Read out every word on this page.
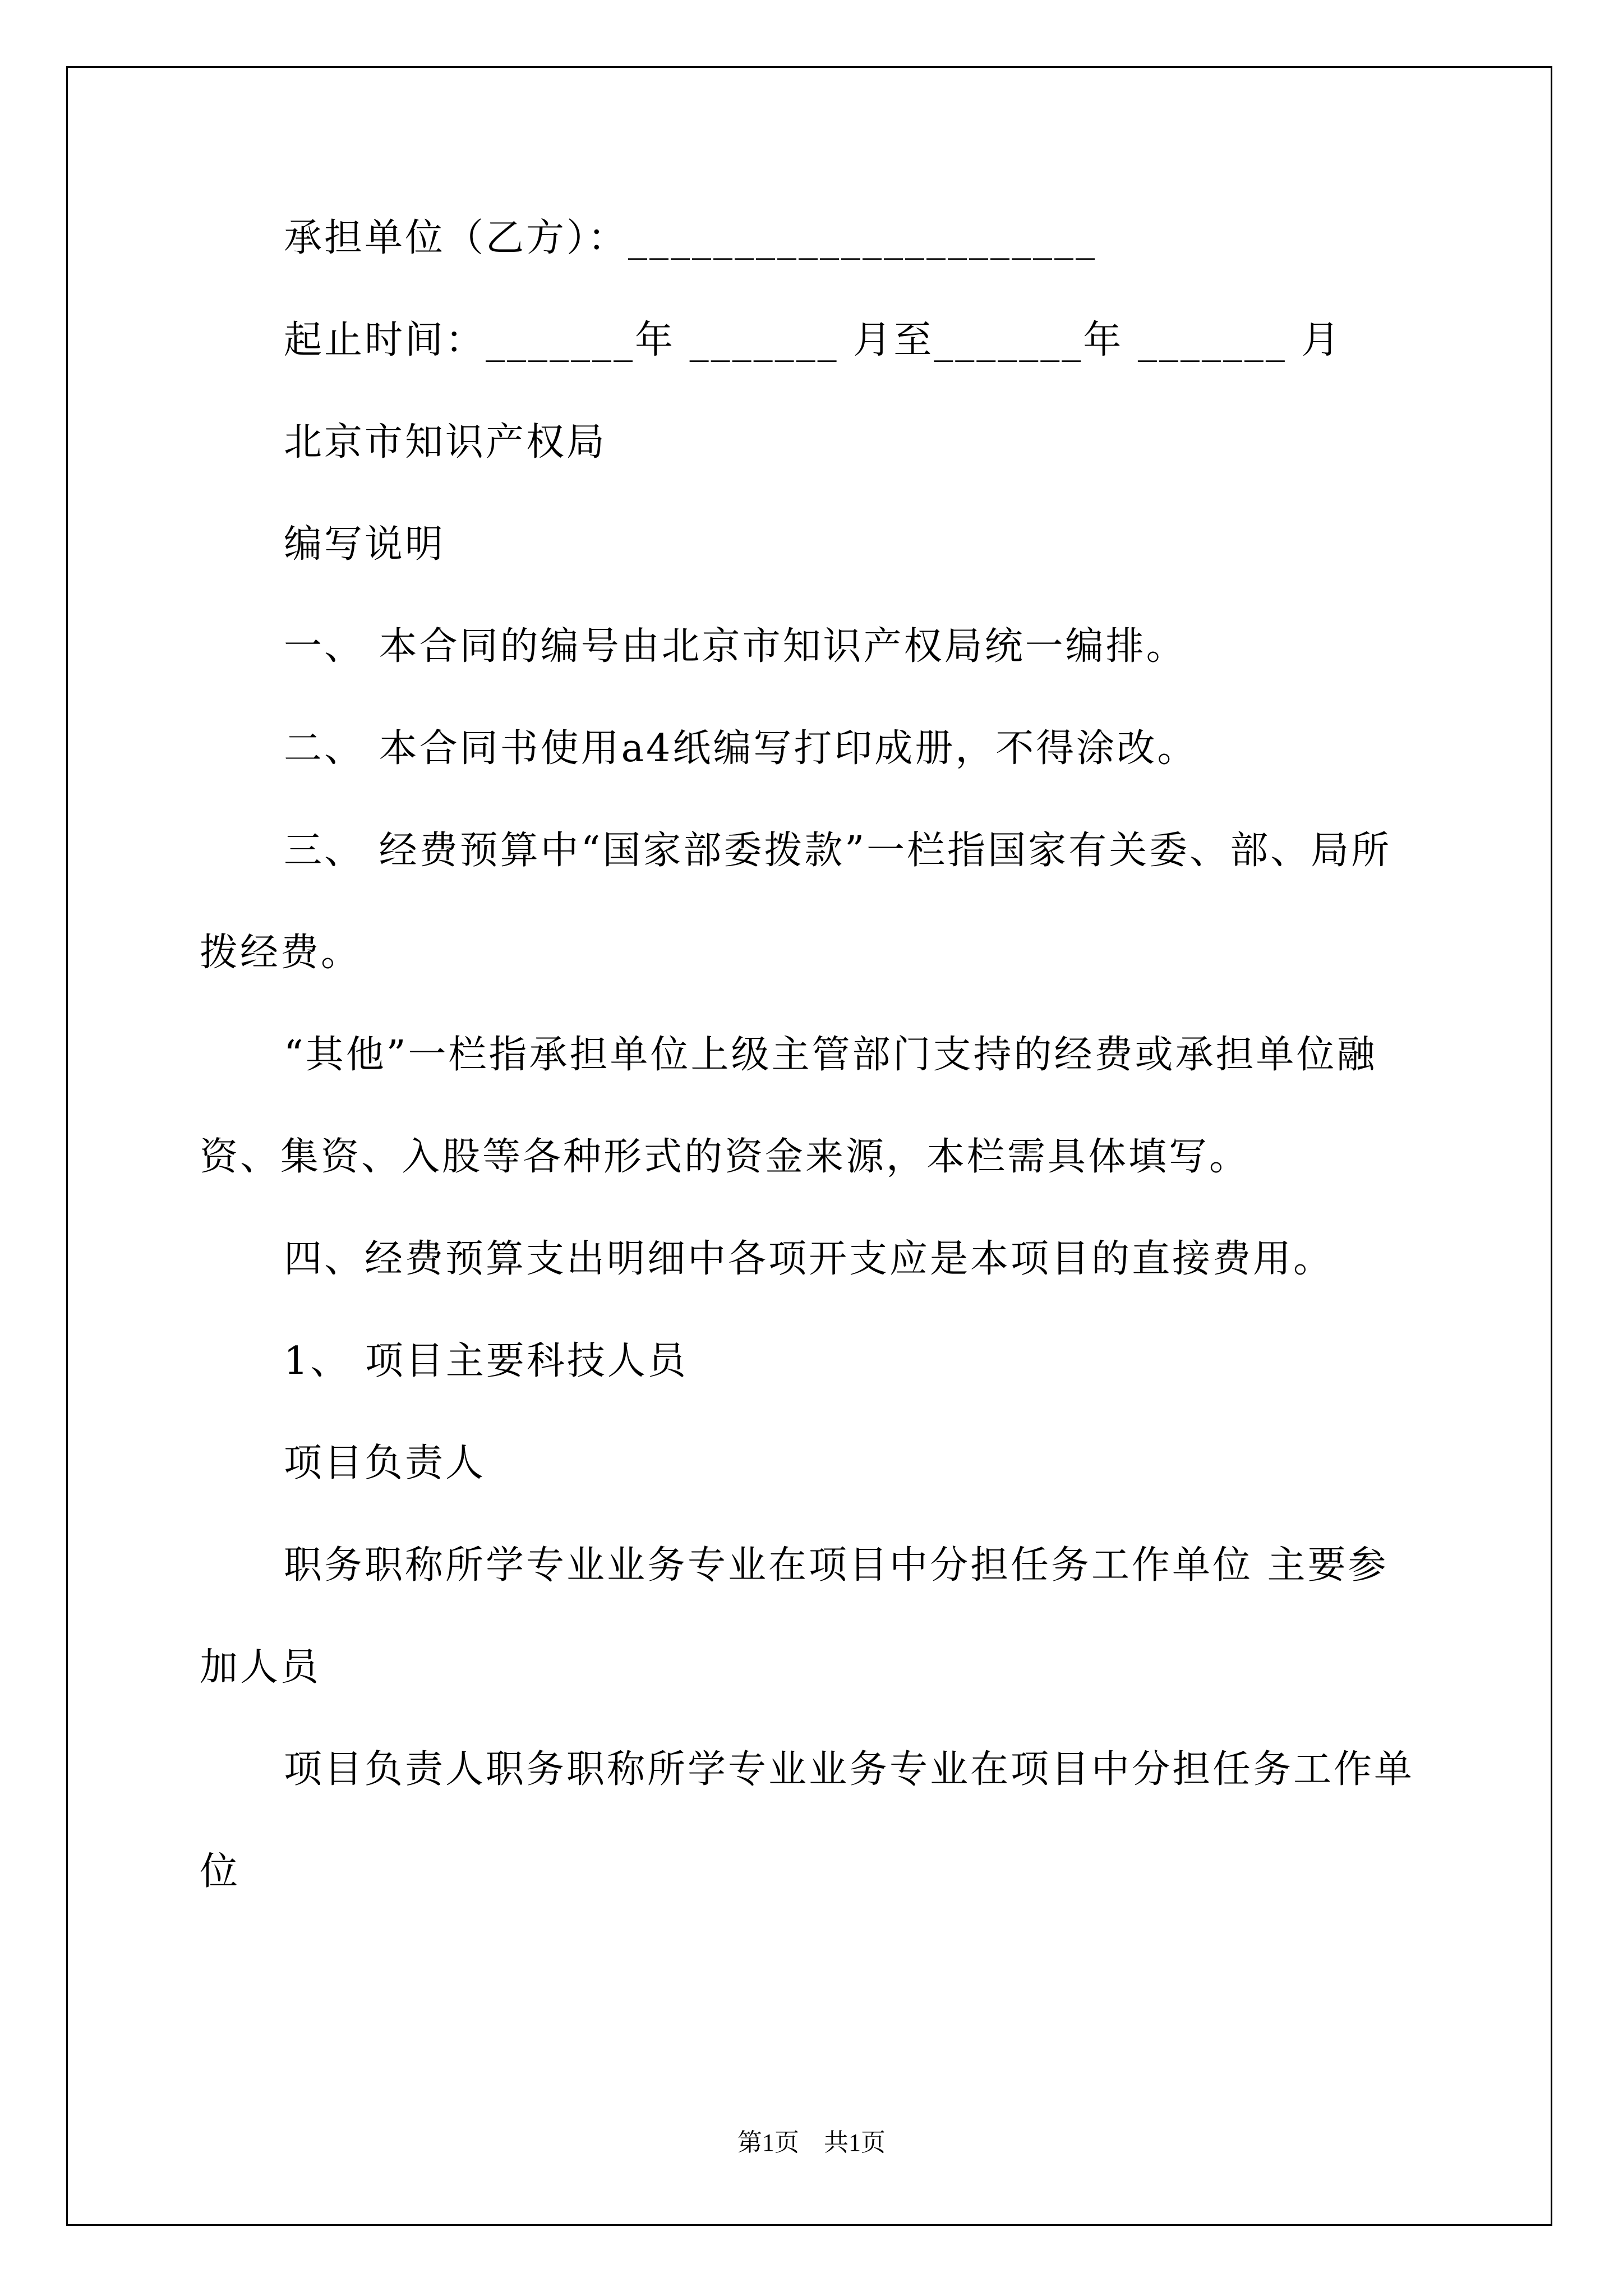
承担单位（乙方）：______________________
起止时间：_______年 _______ 月至_______年 _______ 月
北京市知识产权局
编写说明
一、 本合同的编号由北京市知识产权局统一编排。
二、 本合同书使用a4纸编写打印成册，不得涂改。
三、 经费预算中“国家部委拨款”一栏指国家有关委、部、局所
拨经费。
“其他”一栏指承担单位上级主管部门支持的经费或承担单位融
资、集资、入股等各种形式的资金来源，本栏需具体填写。
四、经费预算支出明细中各项开支应是本项目的直接费用。
1、 项目主要科技人员
项目负责人
职务职称所学专业业务专业在项目中分担任务工作单位 主要参
加人员
项目负责人职务职称所学专业业务专业在项目中分担任务工作单
位
第1页　共1页
